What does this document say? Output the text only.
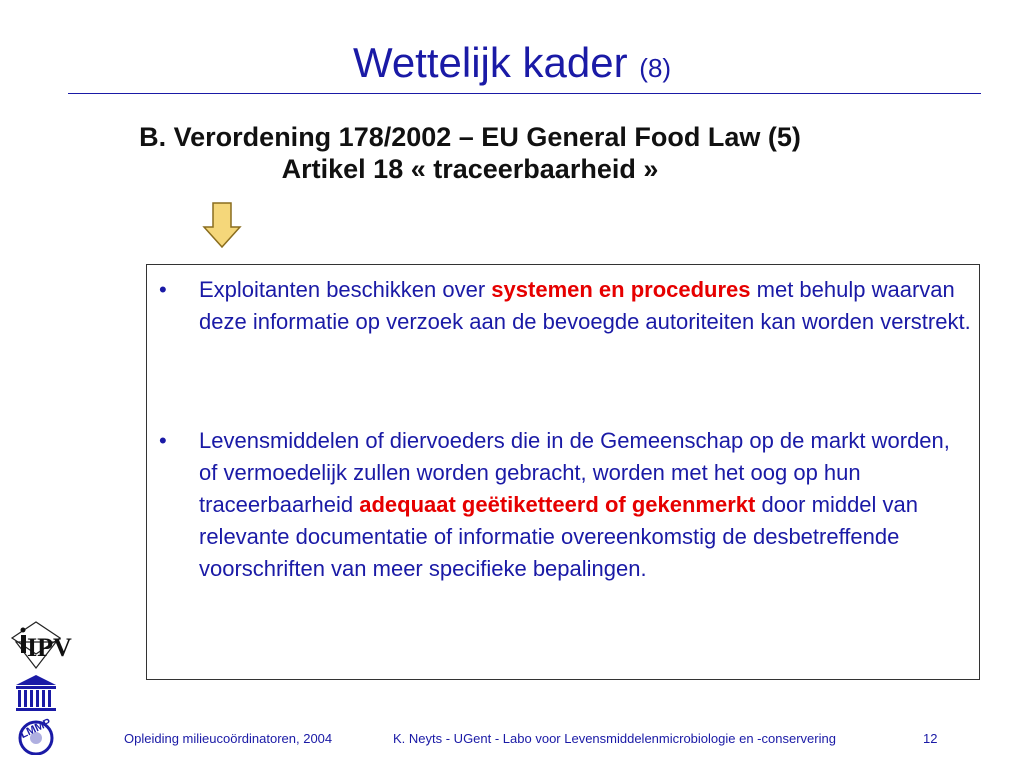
Wettelijk kader (8)
B. Verordening 178/2002 – EU General Food Law (5)
Artikel 18 « traceerbaarheid »
• Exploitanten beschikken over systemen en procedures met behulp waarvan deze informatie op verzoek aan de bevoegde autoriteiten kan worden verstrekt.
• Levensmiddelen of diervoeders die in de Gemeenschap op de markt worden, of vermoedelijk zullen worden gebracht, worden met het oog op hun traceerbaarheid adequaat geëtiketteerd of gekenmerkt door middel van relevante documentatie of informatie overeenkomstig de desbetreffende voorschriften van meer specifieke bepalingen.
IPV
LMMP	Opleiding milieucoördinatoren, 2004	K. Neyts - UGent - Labo voor Levensmiddelenmicrobiologie en -conservering	12
